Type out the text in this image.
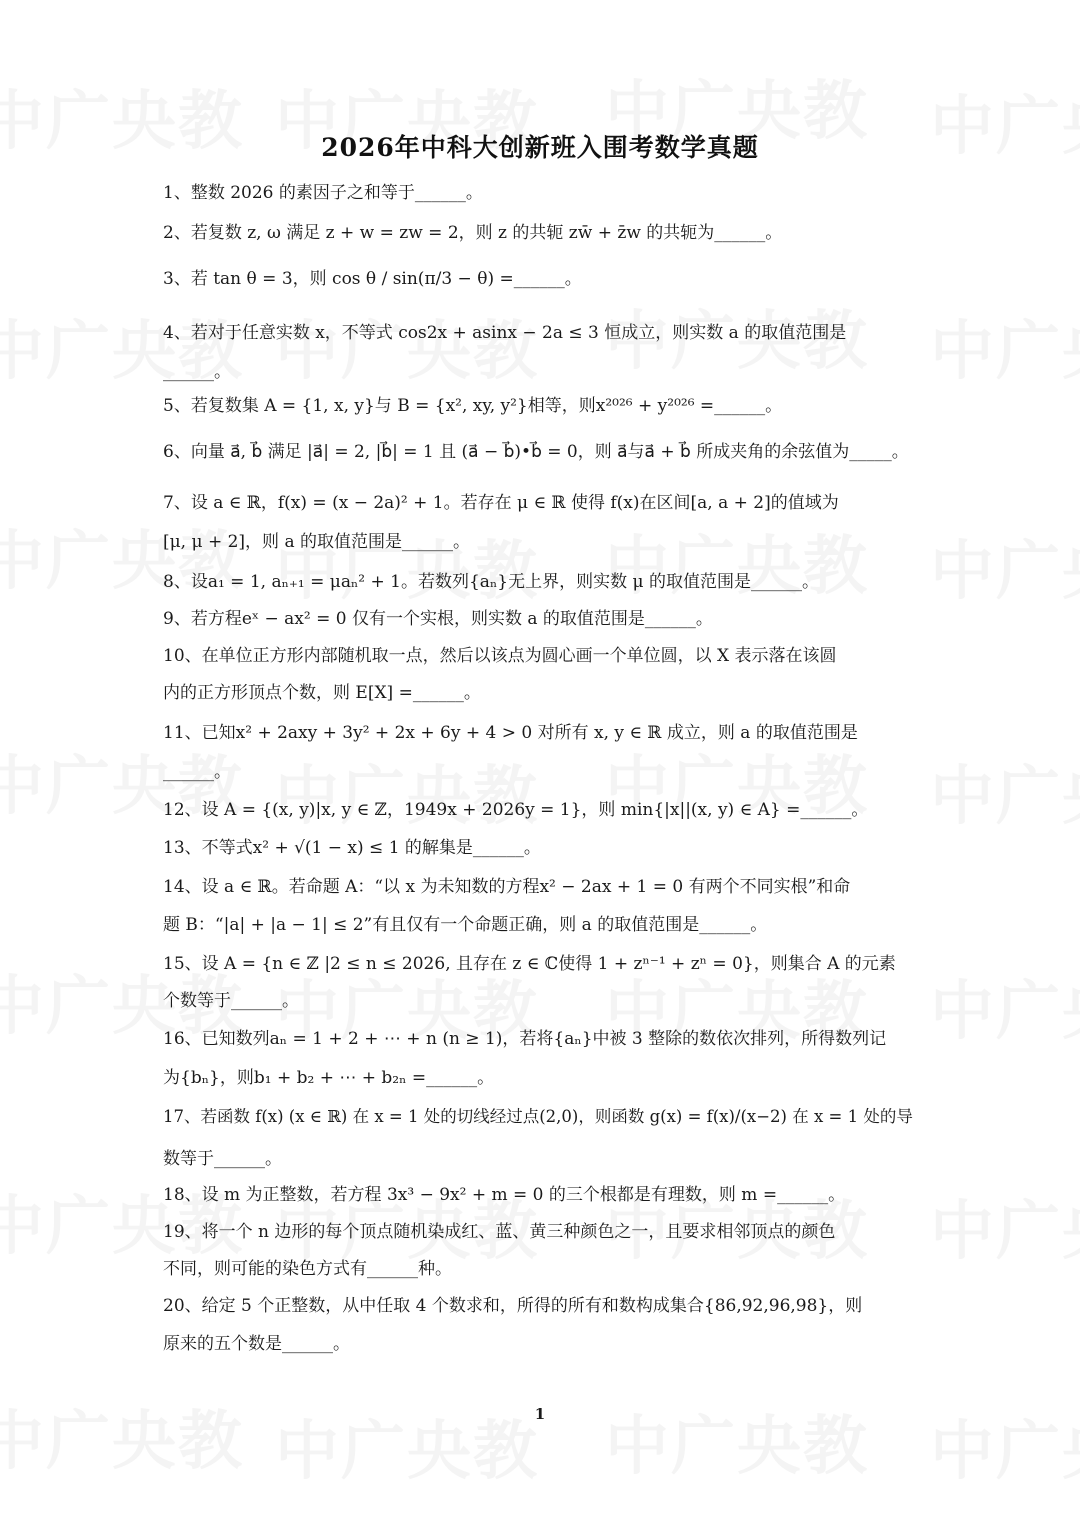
2026年中科大创新班入围考数学真题
1、整数 2026 的素因子之和等于______。
2、若复数 z, ω 满足 z + w = zw = 2，则 z 的共轭 zw̄ + z̄w 的共轭为______。
3、若 tan θ = 3，则 cos θ / sin(π/3 − θ) =______。
4、若对于任意实数 x，不等式 cos2x + asinx − 2a ≤ 3 恒成立，则实数 a 的取值范围是
______。
5、若复数集 A = {1, x, y}与 B = {x², xy, y²}相等，则x²⁰²⁶ + y²⁰²⁶ =______。
6、向量 a⃗, b⃗ 满足 |a⃗| = 2, |b⃗| = 1 且 (a⃗ − b⃗)•b⃗ = 0，则 a⃗与a⃗ + b⃗ 所成夹角的余弦值为_____。
7、设 a ∈ ℝ，f(x) = (x − 2a)² + 1。若存在 μ ∈ ℝ 使得 f(x)在区间[a, a + 2]的值域为
[μ, μ + 2]，则 a 的取值范围是______。
8、设a₁ = 1, aₙ₊₁ = μaₙ² + 1。若数列{aₙ}无上界，则实数 μ 的取值范围是______。
9、若方程eˣ − ax² = 0 仅有一个实根，则实数 a 的取值范围是______。
10、在单位正方形内部随机取一点，然后以该点为圆心画一个单位圆，以 X 表示落在该圆
内的正方形顶点个数，则 E[X] =______。
11、已知x² + 2axy + 3y² + 2x + 6y + 4 > 0 对所有 x, y ∈ ℝ 成立，则 a 的取值范围是
______。
12、设 A = {(x, y)|x, y ∈ ℤ，1949x + 2026y = 1}，则 min{|x||(x, y) ∈ A} =______。
13、不等式x² + √(1 − x) ≤ 1 的解集是______。
14、设 a ∈ ℝ。若命题 A：“以 x 为未知数的方程x² − 2ax + 1 = 0 有两个不同实根”和命
题 B：“|a| + |a − 1| ≤ 2”有且仅有一个命题正确，则 a 的取值范围是______。
15、设 A = {n ∈ ℤ |2 ≤ n ≤ 2026, 且存在 z ∈ ℂ使得 1 + zⁿ⁻¹ + zⁿ = 0}，则集合 A 的元素
个数等于______。
16、已知数列aₙ = 1 + 2 + ⋯ + n (n ≥ 1)，若将{aₙ}中被 3 整除的数依次排列，所得数列记
为{bₙ}，则b₁ + b₂ + ⋯ + b₂ₙ =______。
17、若函数 f(x) (x ∈ ℝ) 在 x = 1 处的切线经过点(2,0)，则函数 g(x) = f(x)/(x−2) 在 x = 1 处的导
数等于______。
18、设 m 为正整数，若方程 3x³ − 9x² + m = 0 的三个根都是有理数，则 m =______。
19、将一个 n 边形的每个顶点随机染成红、蓝、黄三种颜色之一，且要求相邻顶点的颜色
不同，则可能的染色方式有______种。
20、给定 5 个正整数，从中任取 4 个数求和，所得的所有和数构成集合{86,92,96,98}，则
原来的五个数是______。
1
